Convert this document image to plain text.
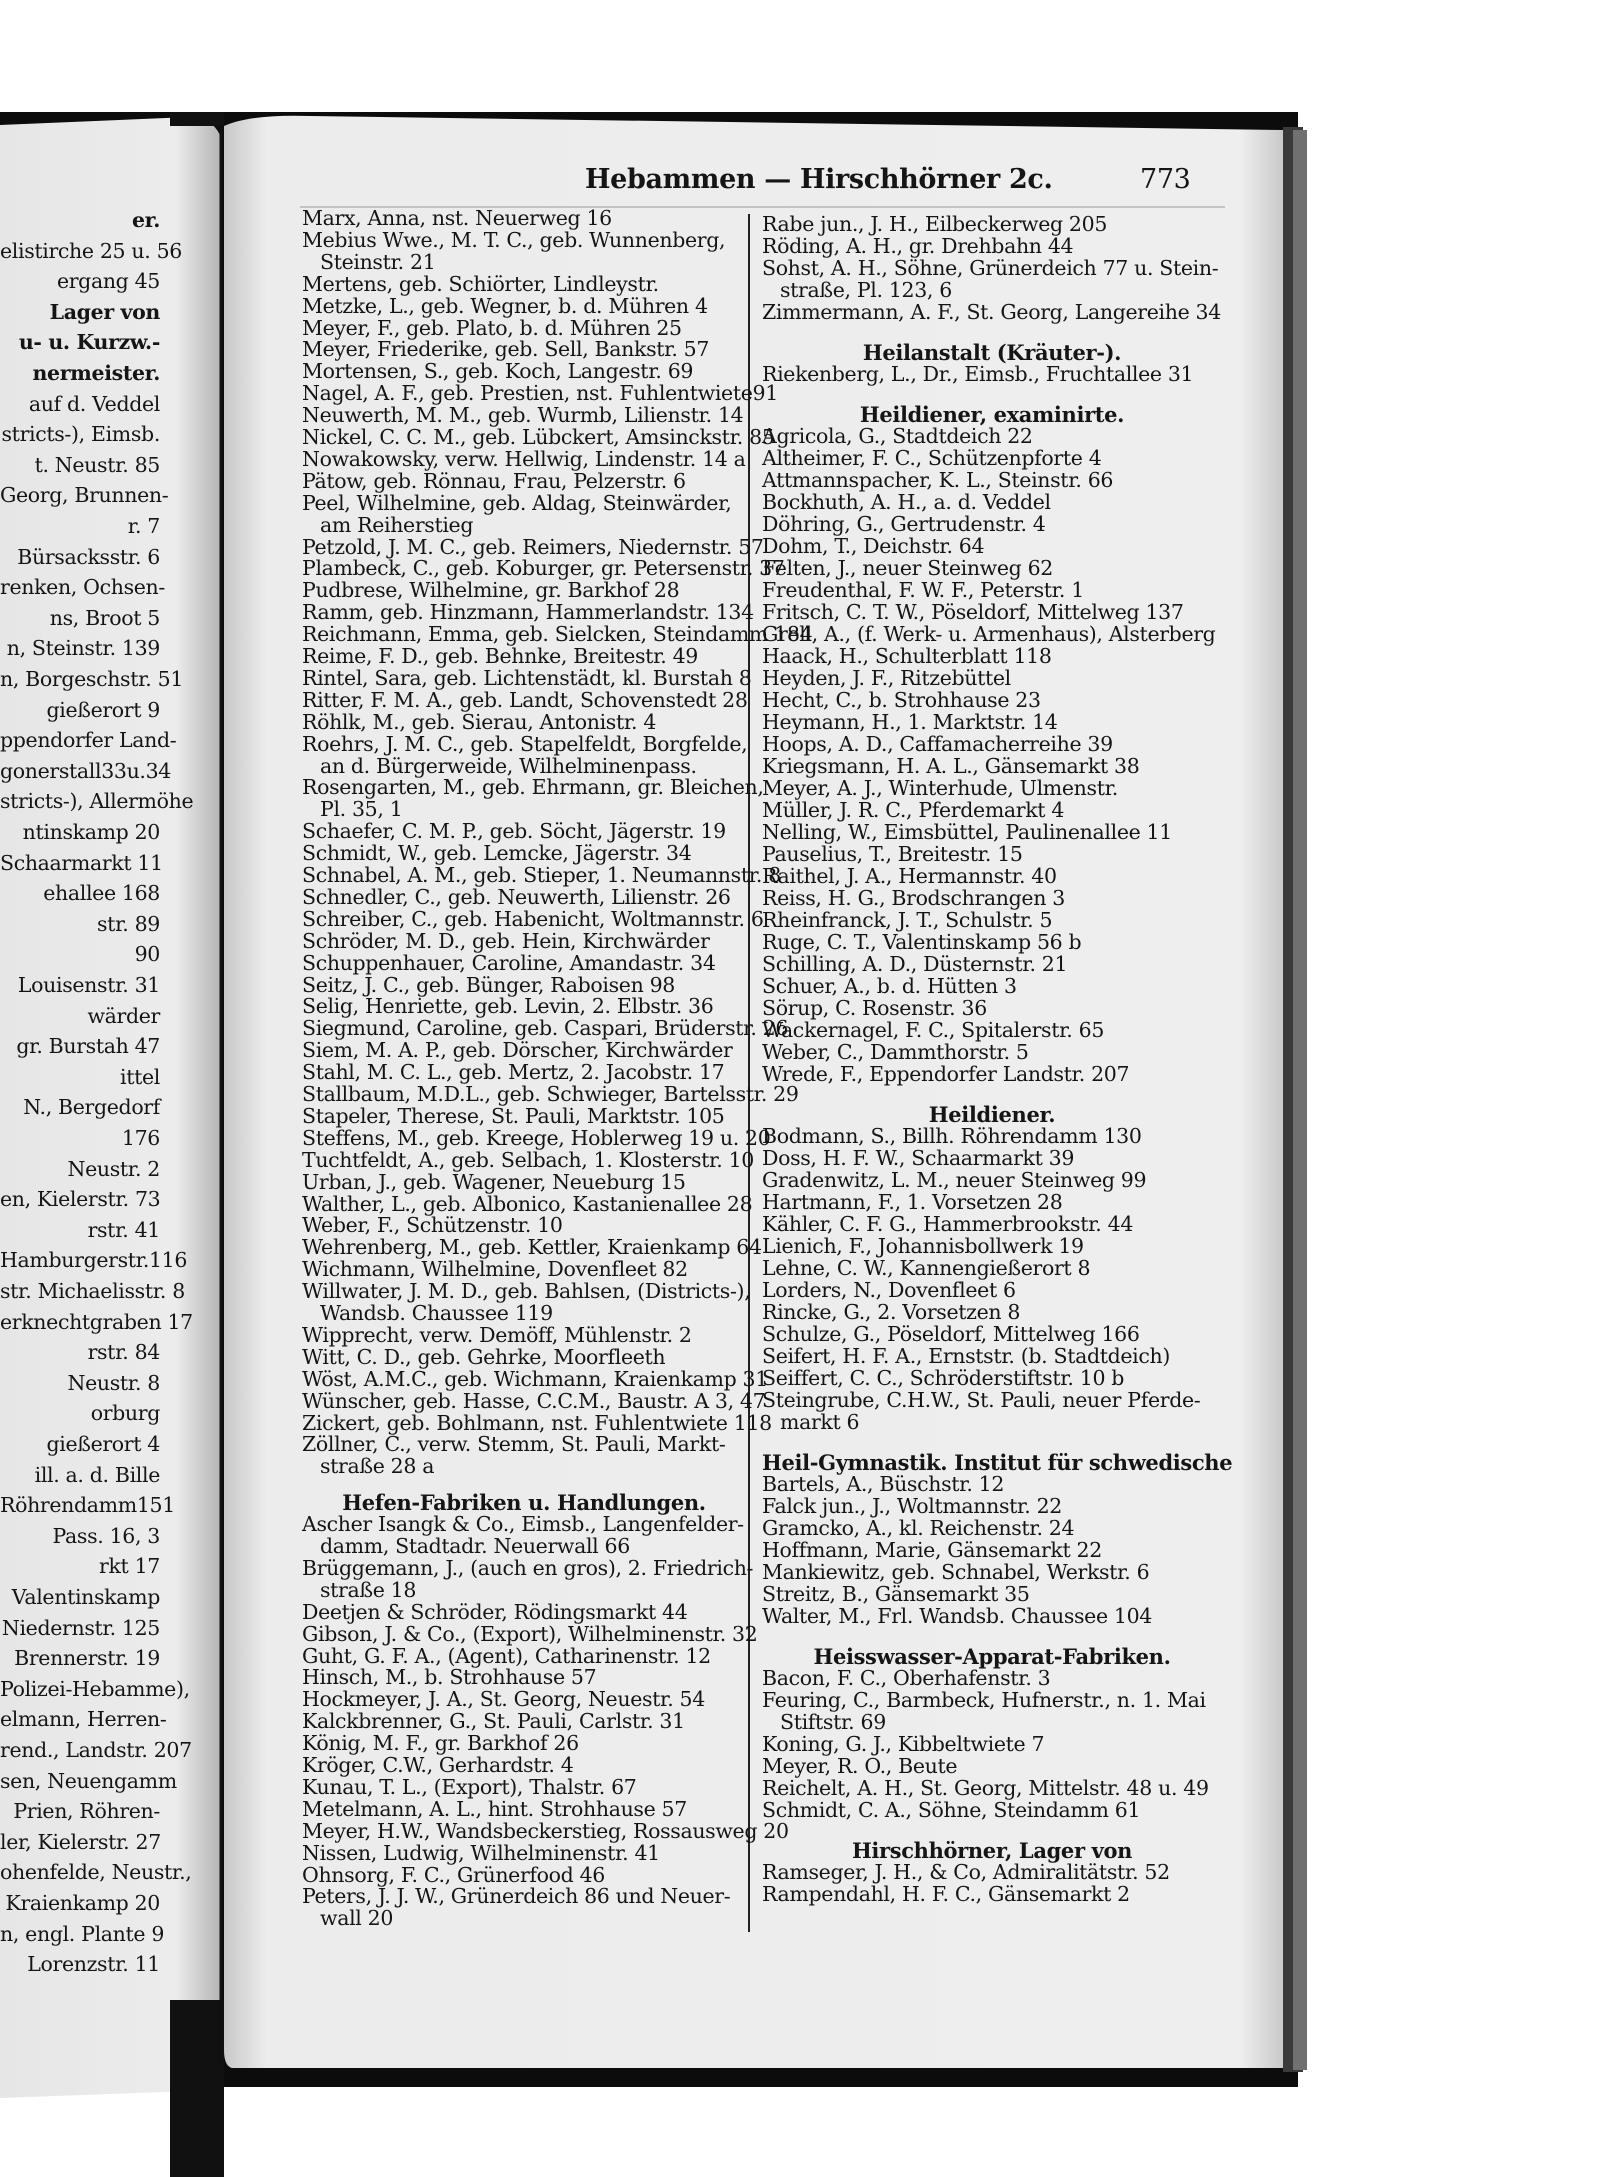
Hebammen — Hirschhörner 2c.	773
er.
elistirche 25 u. 56
ergang 45
Lager von
u- u. Kurzw.-
nermeister.
auf d. Veddel
stricts-), Eimsb.
t. Neustr. 85
Georg, Brunnen-
r. 7
Bürsacksstr. 6
renken, Ochsen-
ns, Broot 5
n, Steinstr. 139
n, Borgeschstr. 51
gießerort 9
ppendorfer Land-
gonerstall33u.34
stricts-), Allermöhe
ntinskamp 20
Schaarmarkt 11
ehallee 168
str. 89
90
Louisenstr. 31
wärder
gr. Burstah 47
ittel
N., Bergedorf
176
Neustr. 2
en, Kielerstr. 73
rstr. 41
Hamburgerstr.116
str. Michaelisstr. 8
erknechtgraben 17
rstr. 84
Neustr. 8
orburg
gießerort 4
ill. a. d. Bille
Röhrendamm151
Pass. 16, 3
rkt 17
Valentinskamp
Niedernstr. 125
Brennerstr. 19
Polizei-Hebamme),
elmann, Herren-
rend., Landstr. 207
sen, Neuengamm
Prien, Röhren-
ler, Kielerstr. 27
ohenfelde, Neustr.,
Kraienkamp 20
n, engl. Plante 9
Lorenzstr. 11
Marx, Anna, nst. Neuerweg 16
Mebius Wwe., M. T. C., geb. Wunnenberg,
Steinstr. 21
Mertens, geb. Schiörter, Lindleystr.
Metzke, L., geb. Wegner, b. d. Mühren 4
Meyer, F., geb. Plato, b. d. Mühren 25
Meyer, Friederike, geb. Sell, Bankstr. 57
Mortensen, S., geb. Koch, Langestr. 69
Nagel, A. F., geb. Prestien, nst. Fuhlentwiete91
Neuwerth, M. M., geb. Wurmb, Lilienstr. 14
Nickel, C. C. M., geb. Lübckert, Amsinckstr. 85
Nowakowsky, verw. Hellwig, Lindenstr. 14 a
Pätow, geb. Rönnau, Frau, Pelzerstr. 6
Peel, Wilhelmine, geb. Aldag, Steinwärder,
am Reiherstieg
Petzold, J. M. C., geb. Reimers, Niedernstr. 57
Plambeck, C., geb. Koburger, gr. Petersenstr. 37
Pudbrese, Wilhelmine, gr. Barkhof 28
Ramm, geb. Hinzmann, Hammerlandstr. 134
Reichmann, Emma, geb. Sielcken, Steindamm 184
Reime, F. D., geb. Behnke, Breitestr. 49
Rintel, Sara, geb. Lichtenstädt, kl. Burstah 8
Ritter, F. M. A., geb. Landt, Schovenstedt 28
Röhlk, M., geb. Sierau, Antonistr. 4
Roehrs, J. M. C., geb. Stapelfeldt, Borgfelde,
an d. Bürgerweide, Wilhelminenpass.
Rosengarten, M., geb. Ehrmann, gr. Bleichen,
Pl. 35, 1
Schaefer, C. M. P., geb. Söcht, Jägerstr. 19
Schmidt, W., geb. Lemcke, Jägerstr. 34
Schnabel, A. M., geb. Stieper, 1. Neumannstr. 8
Schnedler, C., geb. Neuwerth, Lilienstr. 26
Schreiber, C., geb. Habenicht, Woltmannstr. 6
Schröder, M. D., geb. Hein, Kirchwärder
Schuppenhauer, Caroline, Amandastr. 34
Seitz, J. C., geb. Bünger, Raboisen 98
Selig, Henriette, geb. Levin, 2. Elbstr. 36
Siegmund, Caroline, geb. Caspari, Brüderstr. 26
Siem, M. A. P., geb. Dörscher, Kirchwärder
Stahl, M. C. L., geb. Mertz, 2. Jacobstr. 17
Stallbaum, M.D.L., geb. Schwieger, Bartelsstr. 29
Stapeler, Therese, St. Pauli, Marktstr. 105
Steffens, M., geb. Kreege, Hoblerweg 19 u. 20
Tuchtfeldt, A., geb. Selbach, 1. Klosterstr. 10
Urban, J., geb. Wagener, Neueburg 15
Walther, L., geb. Albonico, Kastanienallee 28
Weber, F., Schützenstr. 10
Wehrenberg, M., geb. Kettler, Kraienkamp 64
Wichmann, Wilhelmine, Dovenfleet 82
Willwater, J. M. D., geb. Bahlsen, (Districts-),
Wandsb. Chaussee 119
Wipprecht, verw. Demöff, Mühlenstr. 2
Witt, C. D., geb. Gehrke, Moorfleeth
Wöst, A.M.C., geb. Wichmann, Kraienkamp 31
Wünscher, geb. Hasse, C.C.M., Baustr. A 3, 47
Zickert, geb. Bohlmann, nst. Fuhlentwiete 118
Zöllner, C., verw. Stemm, St. Pauli, Markt-
straße 28 a
Hefen-Fabriken u. Handlungen.
Ascher Isangk & Co., Eimsb., Langenfelder-
damm, Stadtadr. Neuerwall 66
Brüggemann, J., (auch en gros), 2. Friedrich-
straße 18
Deetjen & Schröder, Rödingsmarkt 44
Gibson, J. & Co., (Export), Wilhelminenstr. 32
Guht, G. F. A., (Agent), Catharinenstr. 12
Hinsch, M., b. Strohhause 57
Hockmeyer, J. A., St. Georg, Neuestr. 54
Kalckbrenner, G., St. Pauli, Carlstr. 31
König, M. F., gr. Barkhof 26
Kröger, C.W., Gerhardstr. 4
Kunau, T. L., (Export), Thalstr. 67
Metelmann, A. L., hint. Strohhause 57
Meyer, H.W., Wandsbeckerstieg, Rossausweg 20
Nissen, Ludwig, Wilhelminenstr. 41
Ohnsorg, F. C., Grünerfood 46
Peters, J. J. W., Grünerdeich 86 und Neuer-
wall 20
Rabe jun., J. H., Eilbeckerweg 205
Röding, A. H., gr. Drehbahn 44
Sohst, A. H., Söhne, Grünerdeich 77 u. Stein-
straße, Pl. 123, 6
Zimmermann, A. F., St. Georg, Langereihe 34
Heilanstalt (Kräuter-).
Riekenberg, L., Dr., Eimsb., Fruchtallee 31
Heildiener, examinirte.
Agricola, G., Stadtdeich 22
Altheimer, F. C., Schützenpforte 4
Attmannspacher, K. L., Steinstr. 66
Bockhuth, A. H., a. d. Veddel
Döhring, G., Gertrudenstr. 4
Dohm, T., Deichstr. 64
Felten, J., neuer Steinweg 62
Freudenthal, F. W. F., Peterstr. 1
Fritsch, C. T. W., Pöseldorf, Mittelweg 137
Grell, A., (f. Werk- u. Armenhaus), Alsterberg
Haack, H., Schulterblatt 118
Heyden, J. F., Ritzebüttel
Hecht, C., b. Strohhause 23
Heymann, H., 1. Marktstr. 14
Hoops, A. D., Caffamacherreihe 39
Kriegsmann, H. A. L., Gänsemarkt 38
Meyer, A. J., Winterhude, Ulmenstr.
Müller, J. R. C., Pferdemarkt 4
Nelling, W., Eimsbüttel, Paulinenallee 11
Pauselius, T., Breitestr. 15
Raithel, J. A., Hermannstr. 40
Reiss, H. G., Brodschrangen 3
Rheinfranck, J. T., Schulstr. 5
Ruge, C. T., Valentinskamp 56 b
Schilling, A. D., Düsternstr. 21
Schuer, A., b. d. Hütten 3
Sörup, C. Rosenstr. 36
Wackernagel, F. C., Spitalerstr. 65
Weber, C., Dammthorstr. 5
Wrede, F., Eppendorfer Landstr. 207
Heildiener.
Bodmann, S., Billh. Röhrendamm 130
Doss, H. F. W., Schaarmarkt 39
Gradenwitz, L. M., neuer Steinweg 99
Hartmann, F., 1. Vorsetzen 28
Kähler, C. F. G., Hammerbrookstr. 44
Lienich, F., Johannisbollwerk 19
Lehne, C. W., Kannengießerort 8
Lorders, N., Dovenfleet 6
Rincke, G., 2. Vorsetzen 8
Schulze, G., Pöseldorf, Mittelweg 166
Seifert, H. F. A., Ernststr. (b. Stadtdeich)
Seiffert, C. C., Schröderstiftstr. 10 b
Steingrube, C.H.W., St. Pauli, neuer Pferde-
markt 6
Heil-Gymnastik. Institut für schwedische
Bartels, A., Büschstr. 12
Falck jun., J., Woltmannstr. 22
Gramcko, A., kl. Reichenstr. 24
Hoffmann, Marie, Gänsemarkt 22
Mankiewitz, geb. Schnabel, Werkstr. 6
Streitz, B., Gänsemarkt 35
Walter, M., Frl. Wandsb. Chaussee 104
Heisswasser-Apparat-Fabriken.
Bacon, F. C., Oberhafenstr. 3
Feuring, C., Barmbeck, Hufnerstr., n. 1. Mai
Stiftstr. 69
Koning, G. J., Kibbeltwiete 7
Meyer, R. O., Beute
Reichelt, A. H., St. Georg, Mittelstr. 48 u. 49
Schmidt, C. A., Söhne, Steindamm 61
Hirschhörner, Lager von
Ramseger, J. H., & Co, Admiralitätstr. 52
Rampendahl, H. F. C., Gänsemarkt 2
